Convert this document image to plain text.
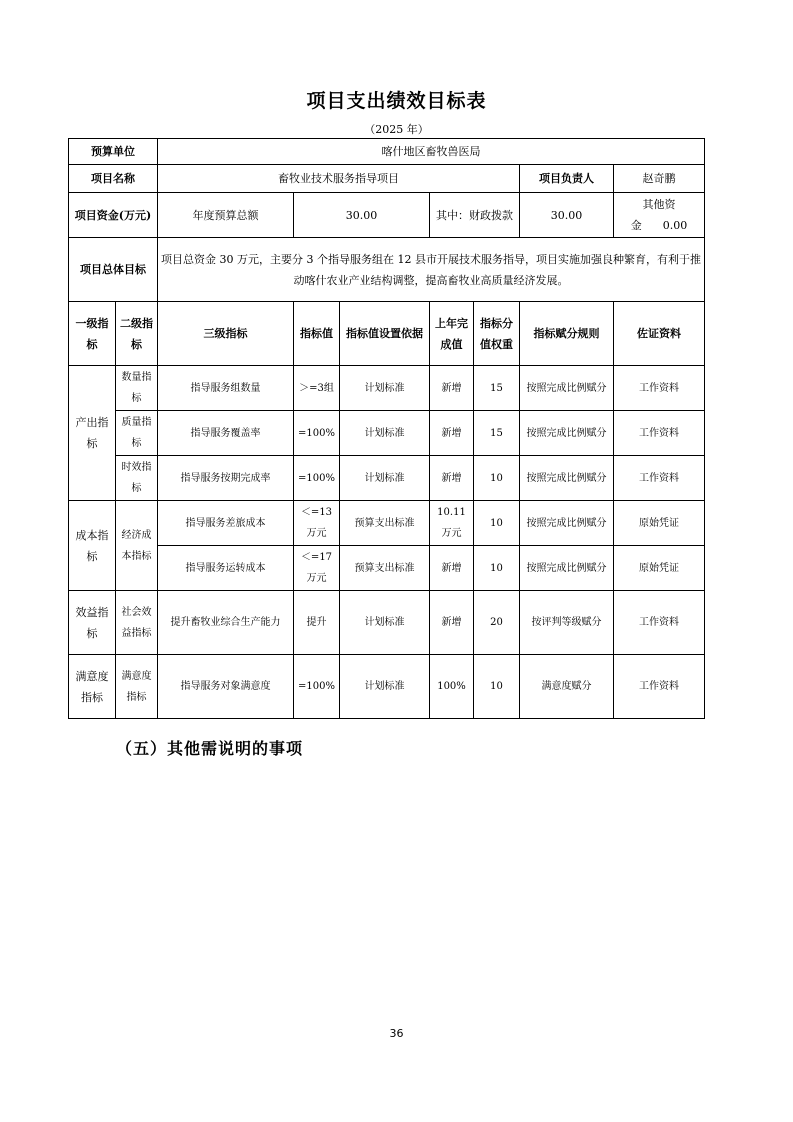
项目支出绩效目标表
（2025 年）
预算单位		喀什地区畜牧兽医局						
项目名称		畜牧业技术服务指导项目					项目负责人	赵奇鹏
项目资金(万元)		年度预算总额	30.00		其中：财政拨款		30.00	其他资金 0.00
项目总体目标		项目总资金 30 万元，主要分 3 个指导服务组在 12 县市开展技术服务指导，项目实施加强良种繁育，有利于推动喀什农业产业结构调整，提高畜牧业高质量经济发展。						
一级指标	二级指标	三级指标	指标值	指标值设置依据	上年完成值	指标分值权重	指标赋分规则	佐证资料
产出指标	数量指标	指导服务组数量	＞=3组	计划标准	新增	15	按照完成比例赋分	工作资料
	质量指标	指导服务覆盖率	=100%	计划标准	新增	15	按照完成比例赋分	工作资料
	时效指标	指导服务按期完成率	=100%	计划标准	新增	10	按照完成比例赋分	工作资料
成本指标	经济成本指标	指导服务差旅成本	＜=13万元	预算支出标准	10.11万元	10	按照完成比例赋分	原始凭证
		指导服务运转成本	＜=17万元	预算支出标准	新增	10	按照完成比例赋分	原始凭证
效益指标	社会效益指标	提升畜牧业综合生产能力	提升	计划标准	新增	20	按评判等级赋分	工作资料
满意度指标	满意度指标	指导服务对象满意度	=100%	计划标准	100%	10	满意度赋分	工作资料
（五）其他需说明的事项
36
